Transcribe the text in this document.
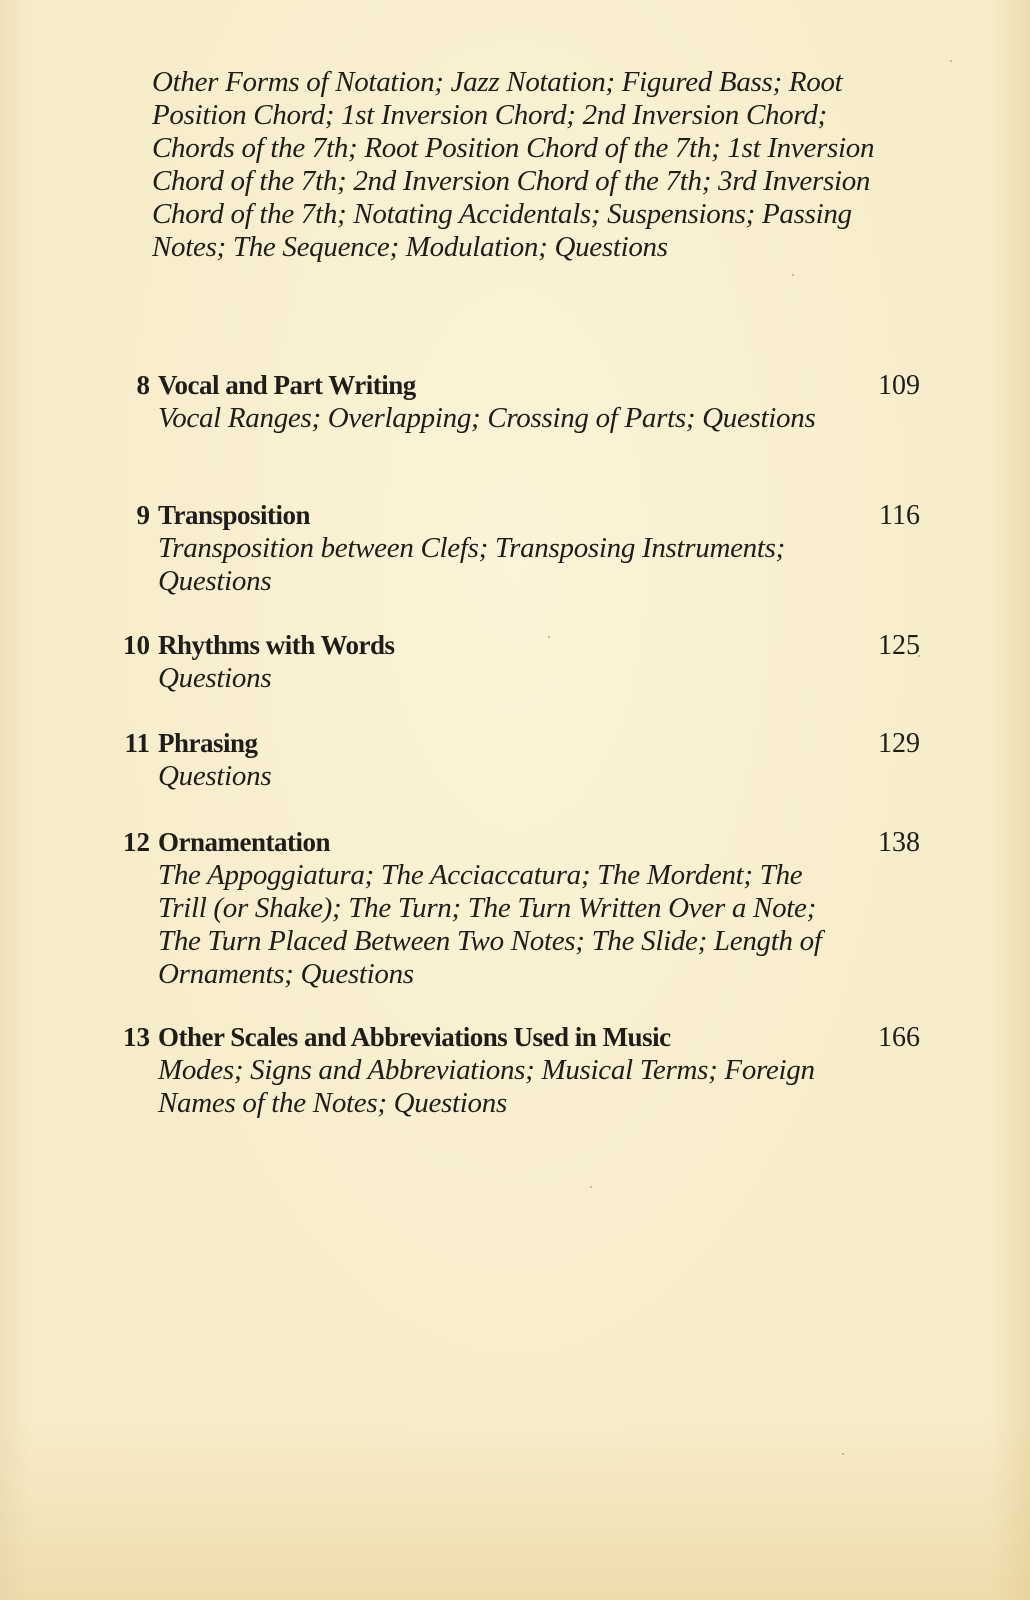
Other Forms of Notation; Jazz Notation; Figured Bass; Root Position Chord; 1st Inversion Chord; 2nd Inversion Chord; Chords of the 7th; Root Position Chord of the 7th; 1st Inversion Chord of the 7th; 2nd Inversion Chord of the 7th; 3rd Inversion Chord of the 7th; Notating Accidentals; Suspensions; Passing Notes; The Sequence; Modulation; Questions
8 Vocal and Part Writing	109
Vocal Ranges; Overlapping; Crossing of Parts; Questions
9 Transposition	116
Transposition between Clefs; Transposing Instruments; Questions
10 Rhythms with Words	125
Questions
11 Phrasing	129
Questions
12 Ornamentation	138
The Appoggiatura; The Acciaccatura; The Mordent; The Trill (or Shake); The Turn; The Turn Written Over a Note; The Turn Placed Between Two Notes; The Slide; Length of Ornaments; Questions
13 Other Scales and Abbreviations Used in Music	166
Modes; Signs and Abbreviations; Musical Terms; Foreign Names of the Notes; Questions
